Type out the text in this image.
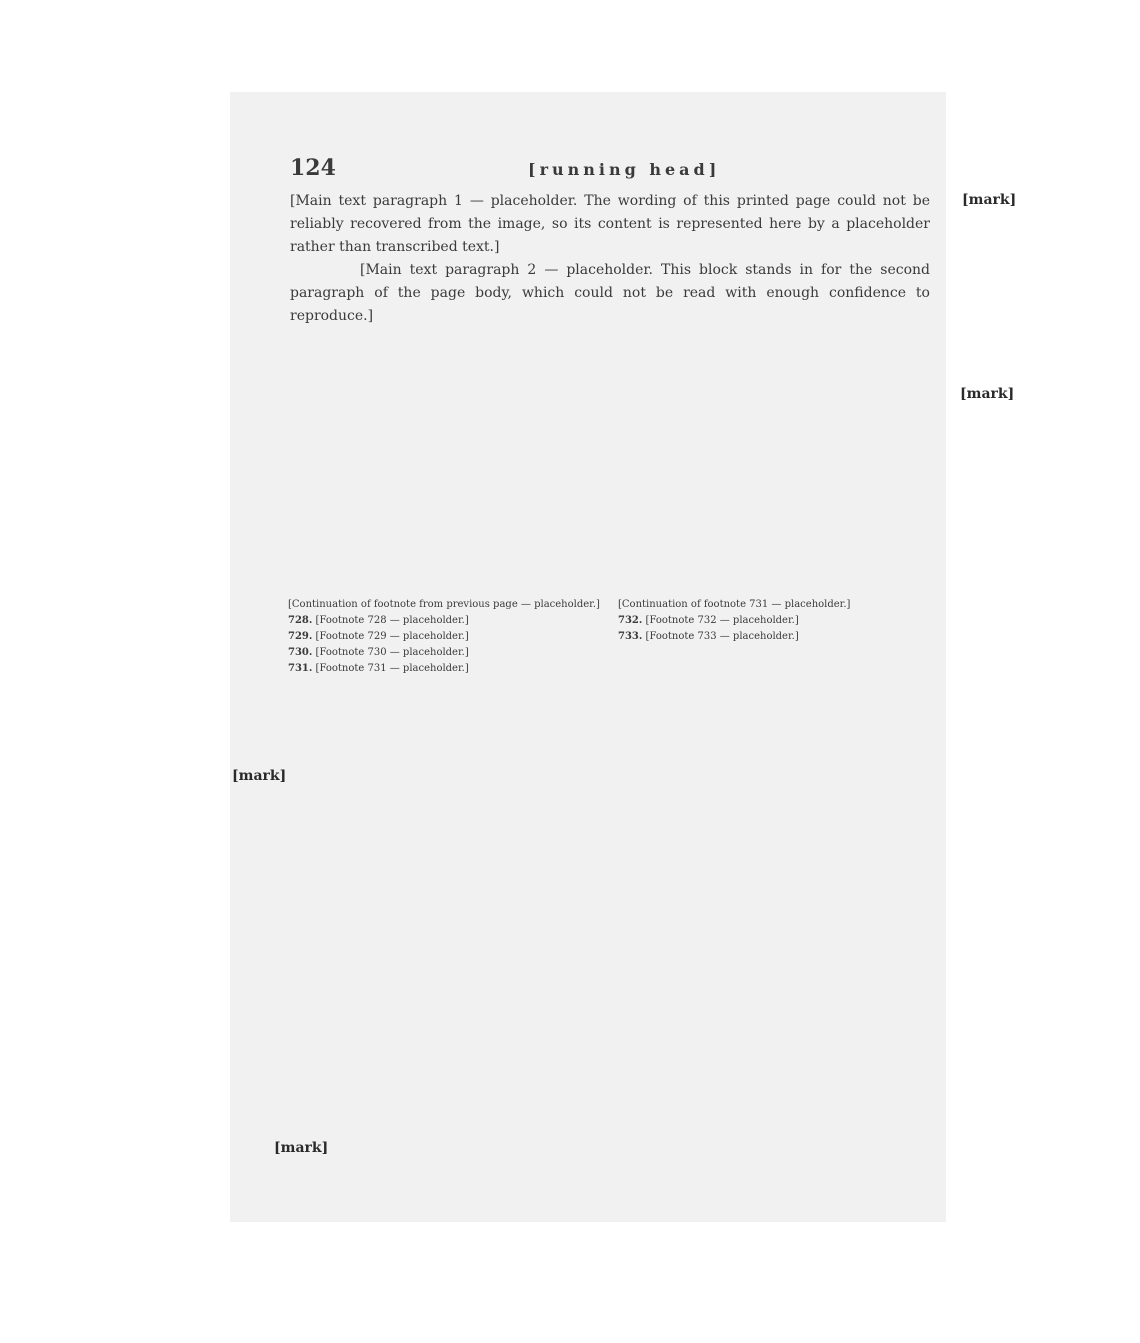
124	[running head]

[Main text paragraph 1 — placeholder. The wording of this printed page could not be reliably recovered from the image, so its content is represented here by a placeholder rather than transcribed text.]

[Main text paragraph 2 — placeholder. This block stands in for the second paragraph of the page body, which could not be read with enough confidence to reproduce.]

[Continuation of footnote from previous page — placeholder.]

728. [Footnote 728 — placeholder.]

729. [Footnote 729 — placeholder.]

730. [Footnote 730 — placeholder.]

731. [Footnote 731 — placeholder.]

[Continuation of footnote 731 — placeholder.]

732. [Footnote 732 — placeholder.]

733. [Footnote 733 — placeholder.]

[mark]
[mark]
[mark]
[mark]
